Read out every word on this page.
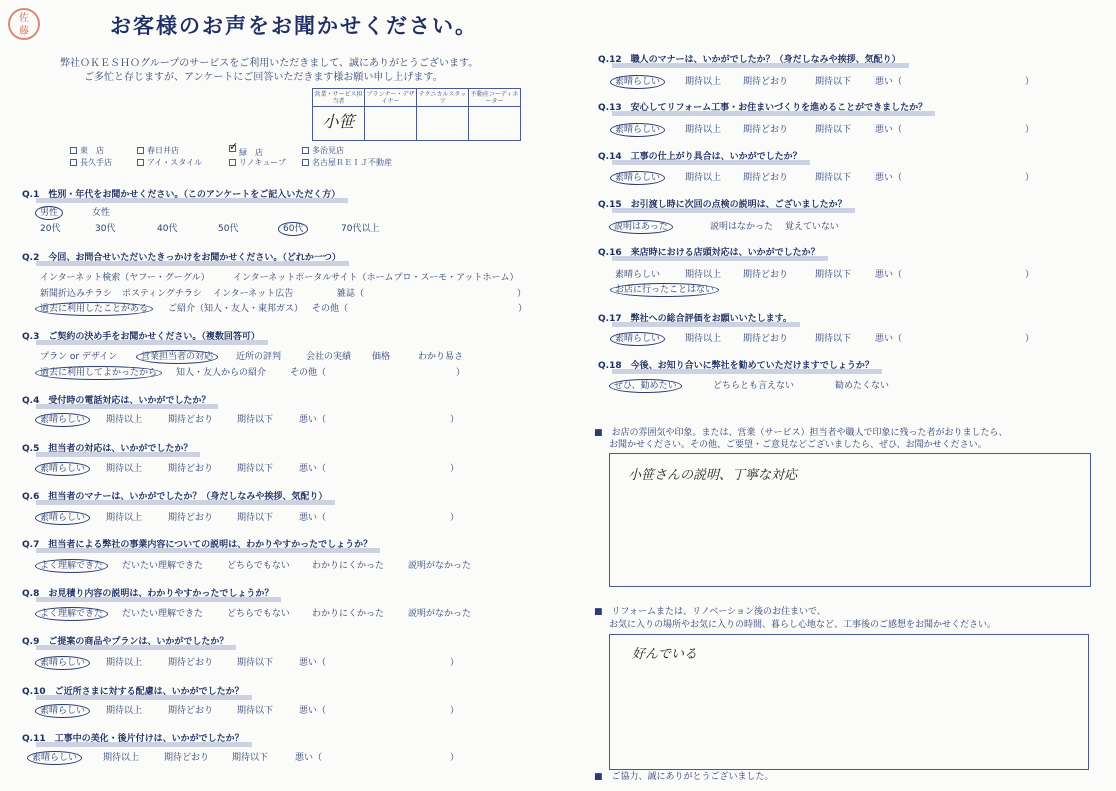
佐
藤	お客様のお声をお聞かせください。
弊社ＯＫＥＳＨＯグループのサービスをご利用いただきまして、誠にありがとうございます。
ご多忙と存じますが、アンケートにご回答いただきます様お願い申し上げます。
営業・サービス担当者	プランナー・デザイナー	テクニカルスタッフ	不動産コーディネーター
小笹			
東　店	春日井店 ✓	緑　店	多治見店
長久手店	アイ・スタイル	リノキューブ	名古屋ＲＥＩＪ不動産
Q.1　性別・年代をお聞かせください。（このアンケートをご記入いただく方）
男性	女性
20代	30代	40代	50代	60代	70代以上
Q.2　今回、お問合せいただいたきっかけをお聞かせください。（どれか一つ）
インターネット検索（ヤフー・グーグル）	インターネットポータルサイト（ホームプロ・スーモ・アットホーム）
新聞折込みチラシ ポスティングチラシ インターネット広告	雑誌（	）
過去に利用したことがある ご紹介（知人・友人・東邦ガス） その他（	）
Q.3　ご契約の決め手をお聞かせください。（複数回答可）
プラン or デザイン	営業担当者の対応	近所の評判	会社の実績 価格	わかり易さ
過去に利用してよかったから 知人・友人からの紹介	その他（	）
Q.4　受付時の電話対応は、いかがでしたか？
素晴らしい 期待以上	期待どおり	期待以下	悪い（	）
Q.5　担当者の対応は、いかがでしたか？
素晴らしい 期待以上	期待どおり	期待以下	悪い（	）
Q.6　担当者のマナーは、いかがでしたか？（身だしなみや挨拶、気配り）
素晴らしい 期待以上	期待どおり	期待以下	悪い（	）
Q.7　担当者による弊社の事業内容についての説明は、わかりやすかったでしょうか？
よく理解できた だいたい理解できた	どちらでもない わかりにくかった	説明がなかった
Q.8　お見積り内容の説明は、わかりやすかったでしょうか？
よく理解できた だいたい理解できた	どちらでもない わかりにくかった	説明がなかった
Q.9　ご提案の商品やプランは、いかがでしたか？
素晴らしい 期待以上	期待どおり	期待以下	悪い（	）
Q.10　ご近所さまに対する配慮は、いかがでしたか？
素晴らしい 期待以上	期待どおり	期待以下	悪い（	）
Q.11　工事中の美化・後片付けは、いかがでしたか？
素晴らしい	期待以上	期待どおり	期待以下	悪い（	）
Q.12　職人のマナーは、いかがでしたか？（身だしなみや挨拶、気配り）
素晴らしい	期待以上 期待どおり	期待以下	悪い（	）
Q.13　安心してリフォーム工事・お住まいづくりを進めることができましたか？
素晴らしい	期待以上 期待どおり	期待以下	悪い（	）
Q.14　工事の仕上がり具合は、いかがでしたか？
素晴らしい	期待以上 期待どおり	期待以下	悪い（	）
Q.15　お引渡し時に次回の点検の説明は、ございましたか？
説明はあった	説明はなかった 覚えていない
Q.16　来店時における店頭対応は、いかがでしたか？
素晴らしい	期待以上 期待どおり	期待以下	悪い（	）
お店に行ったことはない
Q.17　弊社への総合評価をお願いいたします。
素晴らしい	期待以上 期待どおり	期待以下	悪い（	）
Q.18　今後、お知り合いに弊社を勧めていただけますでしょうか？
ぜひ、勧めたい	どちらとも言えない	勧めたくない
■　お店の雰囲気や印象。または、営業（サービス）担当者や職人で印象に残った者がおりましたら、
お聞かせください。その他、ご要望・ご意見などございましたら、ぜひ、お聞かせください。
小笹さんの説明、丁寧な対応
■　リフォームまたは、リノベーション後のお住まいで、
お気に入りの場所やお気に入りの時間、暮らし心地など、工事後のご感想をお聞かせください。
好んでいる
■　ご協力、誠にありがとうございました。
